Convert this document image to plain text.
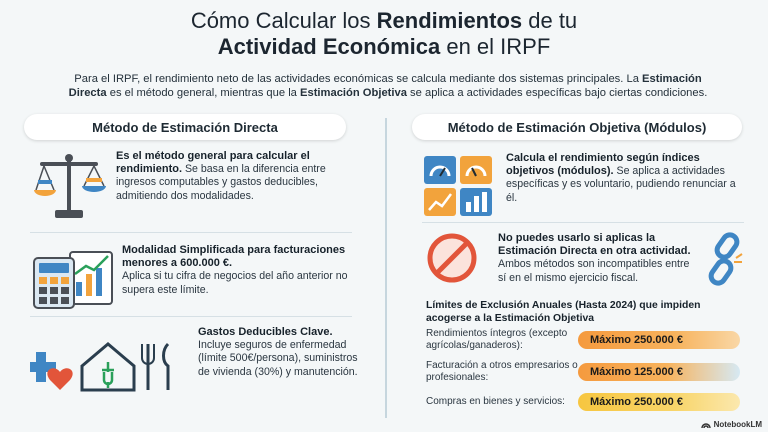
Cómo Calcular los Rendimientos de tu
Actividad Económica en el IRPF
Para el IRPF, el rendimiento neto de las actividades económicas se calcula mediante dos sistemas principales. La Estimación Directa es el método general, mientras que la Estimación Objetiva se aplica a actividades específicas bajo ciertas condiciones.
Método de Estimación Directa	Método de Estimación Objetiva (Módulos)
Es el método general para calcular el rendimiento. Se basa en la diferencia entre ingresos computables y gastos deducibles, admitiendo dos modalidades.
Modalidad Simplificada para facturaciones menores a 600.000 €.
Aplica si tu cifra de negocios del año anterior no supera este límite.
Gastos Deducibles Clave.
Incluye seguros de enfermedad (límite 500€/persona), suministros de vivienda (30%) y manutención.
Calcula el rendimiento según índices objetivos (módulos). Se aplica a actividades específicas y es voluntario, pudiendo renunciar a él.
No puedes usarlo si aplicas la Estimación Directa en otra actividad.
Ambos métodos son incompatibles entre sí en el mismo ejercicio fiscal.
Límites de Exclusión Anuales (Hasta 2024) que impiden acogerse a la Estimación Objetiva
Rendimientos íntegros (excepto agrícolas/ganaderos):	Máximo 250.000 €
Facturación a otros empresarios o profesionales:	Máximo 125.000 €
Compras en bienes y servicios:	Máximo 250.000 €
NotebookLM
